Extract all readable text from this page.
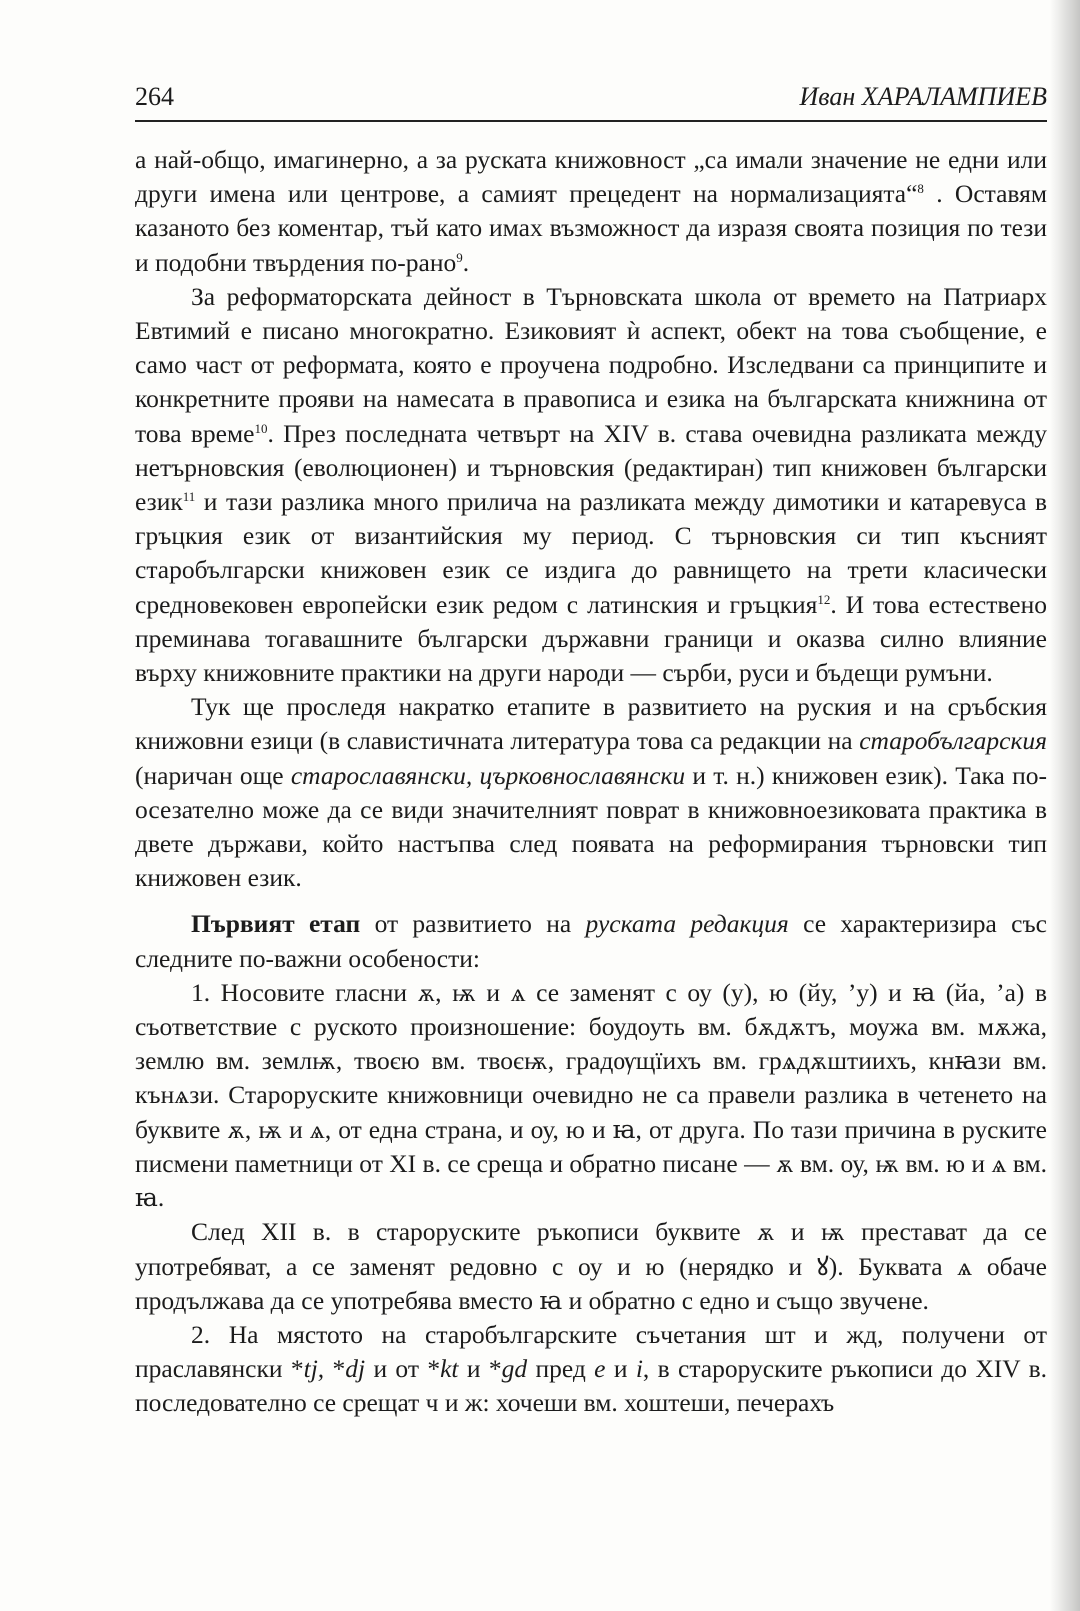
264	Иван ХАРАЛАМПИЕВ

а най-общо, имагинерно, а за руската книжовност „са имали значение не едни или други имена или центрове, а самият прецедент на нормализацията“$^8$ . Оставям казаното без коментар, тъй като имах възможност да изразя своята позиция по тези и подобни твърдения по-рано$^9$.

За реформаторската дейност в Търновската школа от времето на Патриарх Евтимий е писано многократно. Езиковият ѝ аспект, обект на това съобщение, е само част от реформата, която е проучена подробно. Изследвани са принципите и конкретните прояви на намесата в правописа и езика на българската книжнина от това време$^{10}$. През последната четвърт на XIV в. става очевидна разликата между нетърновския (еволюционен) и търновския (редактиран) тип книжовен български език$^{11}$ и тази разлика много прилича на разликата между димотики и катаревуса в гръцкия език от византийския му период. С търновския си тип късният старобългарски книжовен език се издига до равнището на трети класически средновековен европейски език редом с латинския и гръцкия$^{12}$. И това естествено преминава тогавашните български държавни граници и оказва силно влияние върху книжовните практики на други народи — сърби, руси и бъдещи румъни.

Тук ще проследя накратко етапите в развитието на руския и на сръбския книжовни езици (в славистичната литература това са редакции на старобългарския (наричан още старославянски, църковнославянски и т. н.) книжовен език). Така по-осезателно може да се види значителният поврат в книжовноезиковата практика в двете държави, който настъпва след появата на реформирания търновски тип книжовен език.

Първият етап от развитието на руската редакция се характеризира със следните по-важни особености:

1. Носовите гласни ѫ, ѭ и ѧ се заменят с оу (у), ю (йу, ’у) и ꙗ (йа, ’а) в съответствие с руското произношение: боудоуть вм. бѫдѫтъ, моужа вм. мѫжа, землю вм. землѭ, твоєю вм. твоєѭ, градѹщїихъ вм. грѧдѫштиихъ, кнꙗзи вм. кънѧзи. Староруските книжовници очевидно не са правели разлика в четенето на буквите ѫ, ѭ и ѧ, от една страна, и оу, ю и ꙗ, от друга. По тази причина в руските писмени паметници от XI в. се среща и обратно писане — ѫ вм. оу, ѭ вм. ю и ѧ вм. ꙗ.

След XII в. в староруските ръкописи буквите ѫ и ѭ престават да се употребяват, а се заменят редовно с оу и ю (нерядко и ꙋ). Буквата ѧ обаче продължава да се употребява вместо ꙗ и обратно с едно и също звучене.

2. На мястото на старобългарските съчетания шт и жд, получени от праславянски *tj, *dj и от *kt и *gd пред е и i, в староруските ръкописи до XIV в. последователно се срещат ч и ж: хочеши вм. хоштеши, печерахъ
